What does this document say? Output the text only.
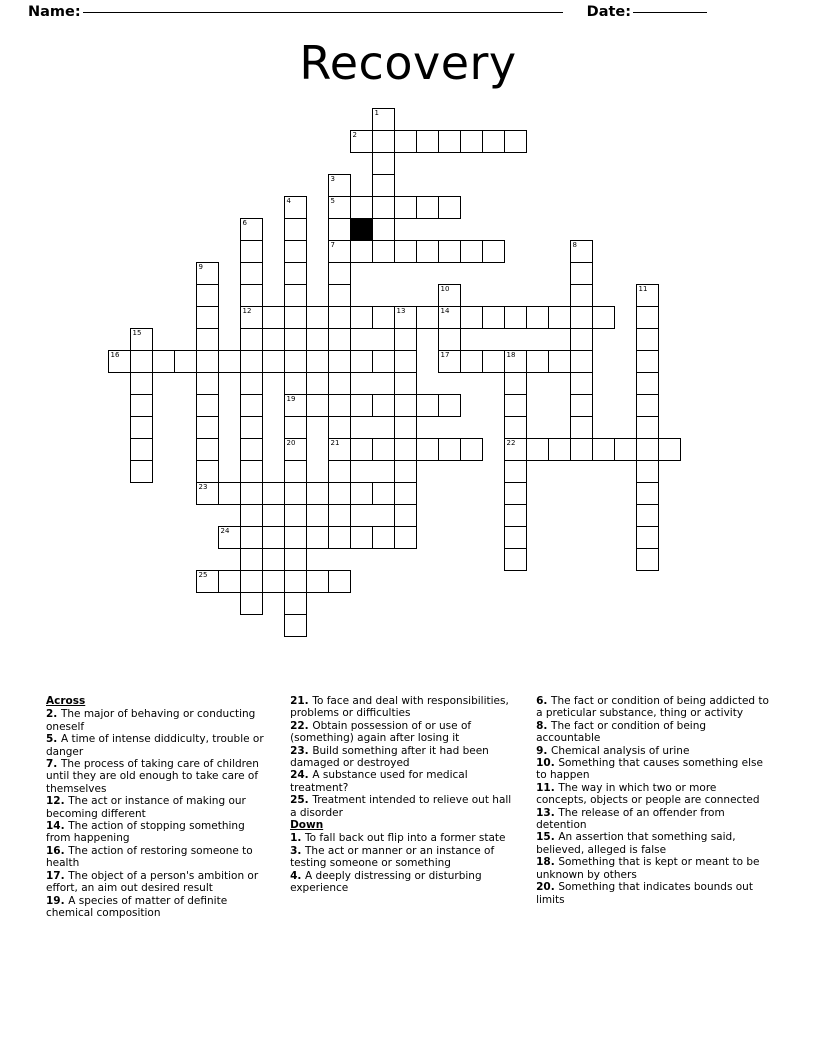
Name:	Date:
Recovery
1
2
3
4	5
6
7	8
9
10	11
12	13	14
15
16	17	18
19
20	21	22
23
24
25
Across
2. The major of behaving or conducting oneself
5. A time of intense diddiculty, trouble or danger
7. The process of taking care of children until they are old enough to take care of themselves
12. The act or instance of making our becoming different
14. The action of stopping something from happening
16. The action of restoring someone to health
17. The object of a person's ambition or effort, an aim out desired result
19. A species of matter of definite chemical composition
21. To face and deal with responsibilities, problems or difficulties
22. Obtain possession of or use of (something) again after losing it
23. Build something after it had been damaged or destroyed
24. A substance used for medical treatment?
25. Treatment intended to relieve out hall a disorder
Down
1. To fall back out flip into a former state
3. The act or manner or an instance of testing someone or something
4. A deeply distressing or disturbing experience
6. The fact or condition of being addicted to a preticular substance, thing or activity
8. The fact or condition of being accountable
9. Chemical analysis of urine
10. Something that causes something else to happen
11. The way in which two or more concepts, objects or people are connected
13. The release of an offender from detention
15. An assertion that something said, believed, alleged is false
18. Something that is kept or meant to be unknown by others
20. Something that indicates bounds out limits
